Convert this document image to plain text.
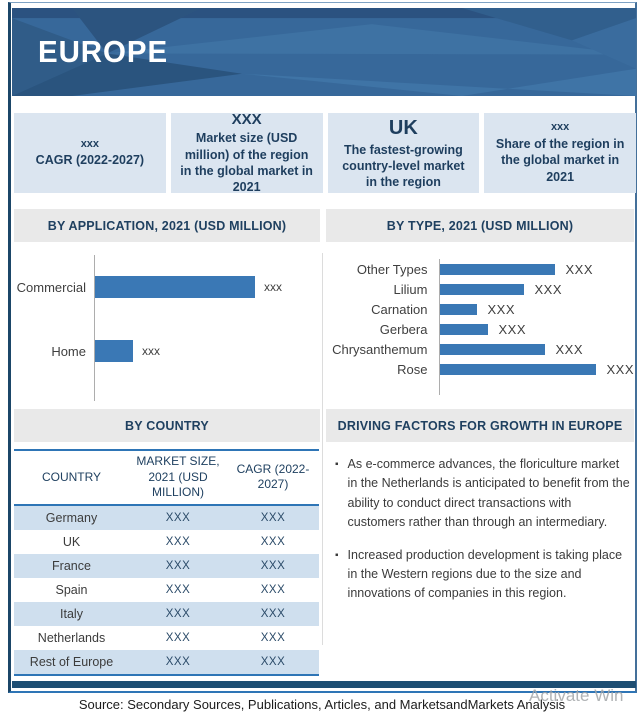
EUROPE
xxx
CAGR (2022-2027)
XXX
Market size (USD million) of the region in the global market in 2021
UK
The fastest-growing country-level market in the region
xxx
Share of the region in the global market in 2021
BY APPLICATION, 2021 (USD MILLION)	BY TYPE, 2021 (USD MILLION)
Commercial
Home
xxx
xxx
Other Types
Lilium
Carnation
Gerbera
Chrysanthemum
Rose
XXX
XXX
XXX
XXX
XXX
XXX
BY COUNTRY
COUNTRY
MARKET SIZE, 2021 (USD MILLION)
CAGR (2022-2027)
Germany	XXX	XXX
UK	XXX	XXX
France	XXX	XXX
Spain	XXX	XXX
Italy	XXX	XXX
Netherlands	XXX	XXX
Rest of Europe	XXX	XXX
DRIVING FACTORS FOR GROWTH IN EUROPE
▪ As e-commerce advances, the floriculture market in the Netherlands is anticipated to benefit from the ability to conduct direct transactions with customers rather than through an intermediary.
▪ Increased production development is taking place in the Western regions due to the size and innovations of companies in this region.
Source: Secondary Sources, Publications, Articles, and MarketsandMarkets Analysis
Activate Win
